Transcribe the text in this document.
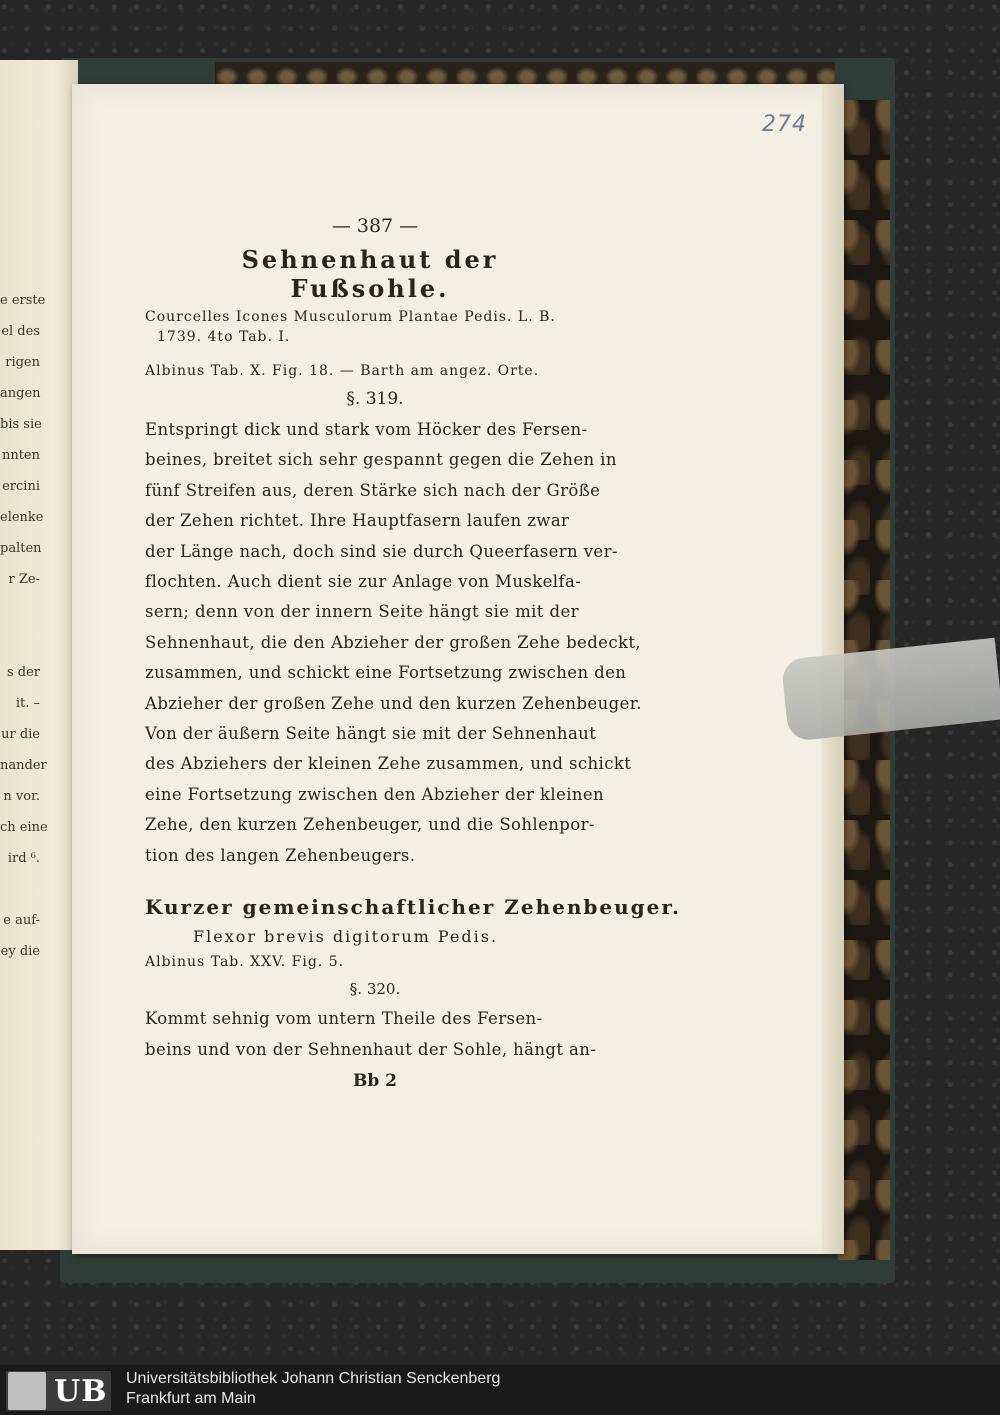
e erste
el des
rigen
angen
bis sie
nnten
ercini
elenke
palten
r Ze-
s der
it. –
ur die
nander
n vor.
ch eine
ird ⁶.
e auf-
ey die
274
— 387 —
Sehnenhaut der Fußsohle.
Courcelles Icones Musculorum Plantae Pedis. L. B.
1739. 4to Tab. I.
Albinus Tab. X. Fig. 18. — Barth am angez. Orte.
§. 319.
Entspringt dick und stark vom Höcker des Fersen-
beines, breitet sich sehr gespannt gegen die Zehen in
fünf Streifen aus, deren Stärke sich nach der Größe
der Zehen richtet. Ihre Hauptfasern laufen zwar
der Länge nach, doch sind sie durch Queerfasern ver-
flochten. Auch dient sie zur Anlage von Muskelfa-
sern; denn von der innern Seite hängt sie mit der
Sehnenhaut, die den Abzieher der großen Zehe bedeckt,
zusammen, und schickt eine Fortsetzung zwischen den
Abzieher der großen Zehe und den kurzen Zehenbeuger.
Von der äußern Seite hängt sie mit der Sehnenhaut
des Abziehers der kleinen Zehe zusammen, und schickt
eine Fortsetzung zwischen den Abzieher der kleinen
Zehe, den kurzen Zehenbeuger, und die Sohlenpor-
tion des langen Zehenbeugers.
Kurzer gemeinschaftlicher Zehenbeuger.
Flexor brevis digitorum Pedis.
Albinus Tab. XXV. Fig. 5.
§. 320.
Kommt sehnig vom untern Theile des Fersen-
beins und von der Sehnenhaut der Sohle, hängt an-
Bb 2
UB Universitätsbibliothek Johann Christian Senckenberg
Frankfurt am Main
